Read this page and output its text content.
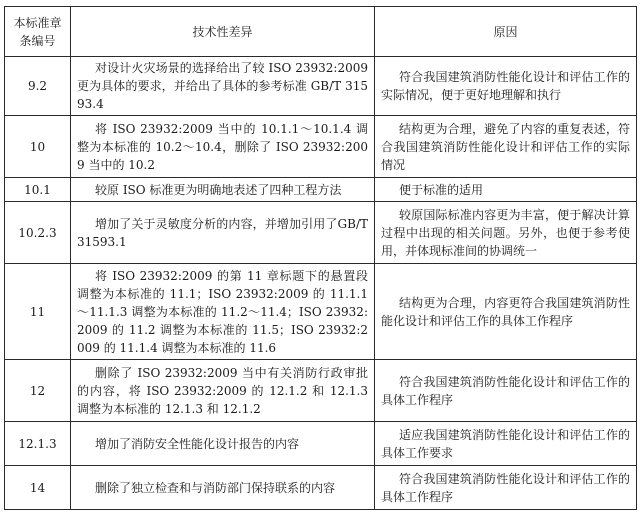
本标准章条编号	技术性差异	原因
9.2	对设计火灾场景的选择给出了较 ISO 23932:2009 更为具体的要求，并给出了具体的参考标准 GB/T 31593.4	符合我国建筑消防性能化设计和评估工作的实际情况，便于更好地理解和执行
10	将 ISO 23932:2009 当中的 10.1.1～10.1.4 调整为本标准的 10.2～10.4，删除了 ISO 23932:2009 当中的 10.2	结构更为合理，避免了内容的重复表述，符合我国建筑消防性能化设计和评估工作的实际情况
10.1	较原 ISO 标准更为明确地表述了四种工程方法	便于标准的适用
10.2.3	增加了关于灵敏度分析的内容，并增加引用了GB/T 31593.1	较原国际标准内容更为丰富，便于解决计算过程中出现的相关问题。另外，也便于参考使用，并体现标准间的协调统一
11	将 ISO 23932:2009 的第 11 章标题下的悬置段调整为本标准的 11.1；ISO 23932:2009 的 11.1.1～11.1.3 调整为本标准的 11.2～11.4；ISO 23932:2009 的 11.2 调整为本标准的 11.5；ISO 23932:2009 的 11.1.4 调整为本标准的 11.6	结构更为合理，内容更符合我国建筑消防性能化设计和评估工作的具体工作程序
12	删除了 ISO 23932:2009 当中有关消防行政审批的内容，将 ISO 23932:2009 的 12.1.2 和 12.1.3 调整为本标准的 12.1.3 和 12.1.2	符合我国建筑消防性能化设计和评估工作的具体工作程序
12.1.3	增加了消防安全性能化设计报告的内容	适应我国建筑消防性能化设计和评估工作的具体工作要求
14	删除了独立检查和与消防部门保持联系的内容	符合我国建筑消防性能化设计和评估工作的具体工作程序
